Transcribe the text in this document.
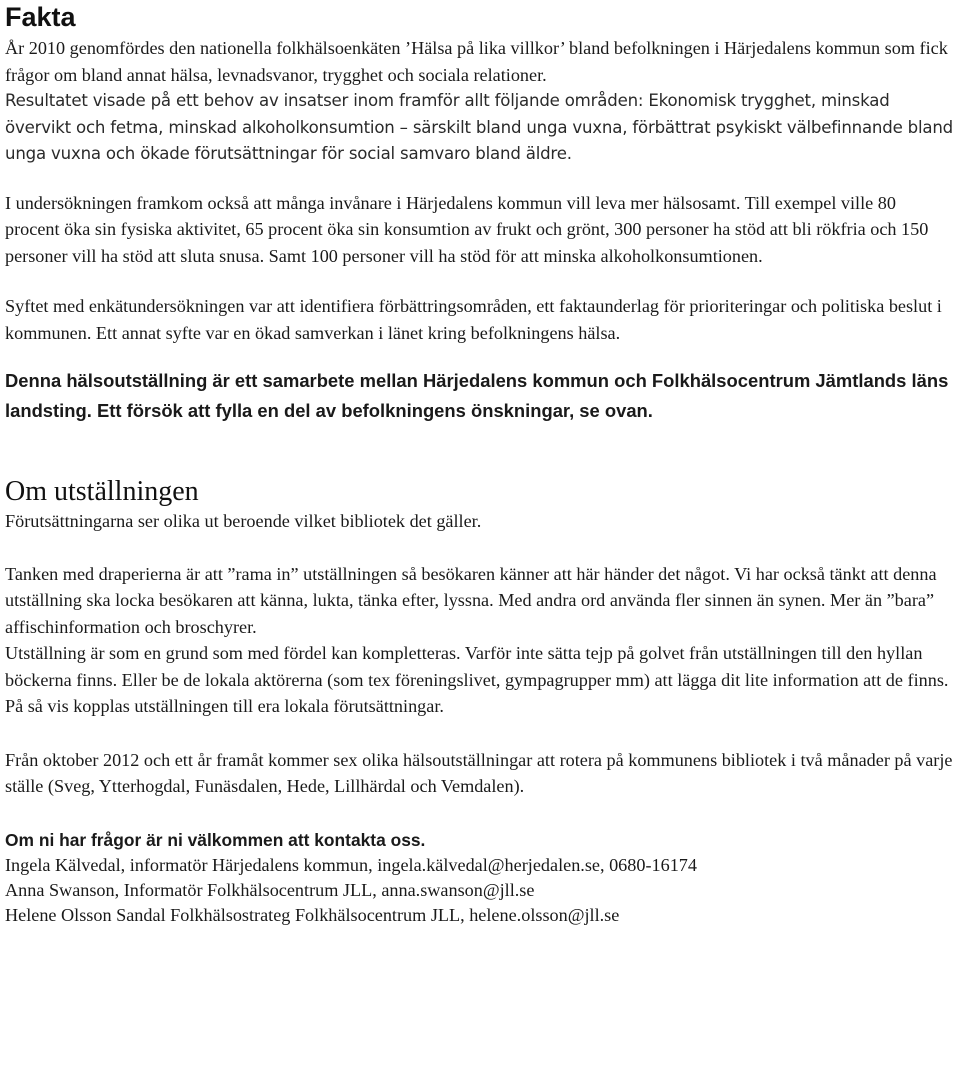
Fakta

År 2010 genomfördes den nationella folkhälsoenkäten ’Hälsa på lika villkor’ bland befolkningen i Härjedalens kommun som fick frågor om bland annat hälsa, levnadsvanor, trygghet och sociala relationer.

Resultatet visade på ett behov av insatser inom framför allt följande områden: Ekonomisk trygghet, minskad övervikt och fetma, minskad alkoholkonsumtion – särskilt bland unga vuxna, förbättrat psykiskt välbefinnande bland unga vuxna och ökade förutsättningar för social samvaro bland äldre.

I undersökningen framkom också att många invånare i Härjedalens kommun vill leva mer hälsosamt. Till exempel ville 80 procent öka sin fysiska aktivitet, 65 procent öka sin konsumtion av frukt och grönt, 300 personer ha stöd att bli rökfria och 150 personer vill ha stöd att sluta snusa. Samt 100 personer vill ha stöd för att minska alkoholkonsumtionen.

Syftet med enkätundersökningen var att identifiera förbättringsområden, ett faktaunderlag för prioriteringar och politiska beslut i kommunen. Ett annat syfte var en ökad samverkan i länet kring befolkningens hälsa.

Denna hälsoutställning är ett samarbete mellan Härjedalens kommun och Folkhälsocentrum Jämtlands läns landsting. Ett försök att fylla en del av befolkningens önskningar, se ovan.

Om utställningen

Förutsättningarna ser olika ut beroende vilket bibliotek det gäller.

Tanken med draperierna är att ”rama in” utställningen så besökaren känner att här händer det något. Vi har också tänkt att denna utställning ska locka besökaren att känna, lukta, tänka efter, lyssna. Med andra ord använda fler sinnen än synen. Mer än ”bara” affischinformation och broschyrer.

Utställning är som en grund som med fördel kan kompletteras. Varför inte sätta tejp på golvet från utställningen till den hyllan böckerna finns. Eller be de lokala aktörerna (som tex föreningslivet, gympagrupper mm) att lägga dit lite information att de finns. På så vis kopplas utställningen till era lokala förutsättningar.

Från oktober 2012 och ett år framåt kommer sex olika hälsoutställningar att rotera på kommunens bibliotek i två månader på varje ställe (Sveg, Ytterhogdal, Funäsdalen, Hede, Lillhärdal och Vemdalen).

Om ni har frågor är ni välkommen att kontakta oss.
Ingela Kälvedal, informatör Härjedalens kommun, ingela.kälvedal@herjedalen.se, 0680-16174
Anna Swanson, Informatör Folkhälsocentrum JLL, anna.swanson@jll.se
Helene Olsson Sandal Folkhälsostrateg Folkhälsocentrum JLL, helene.olsson@jll.se
